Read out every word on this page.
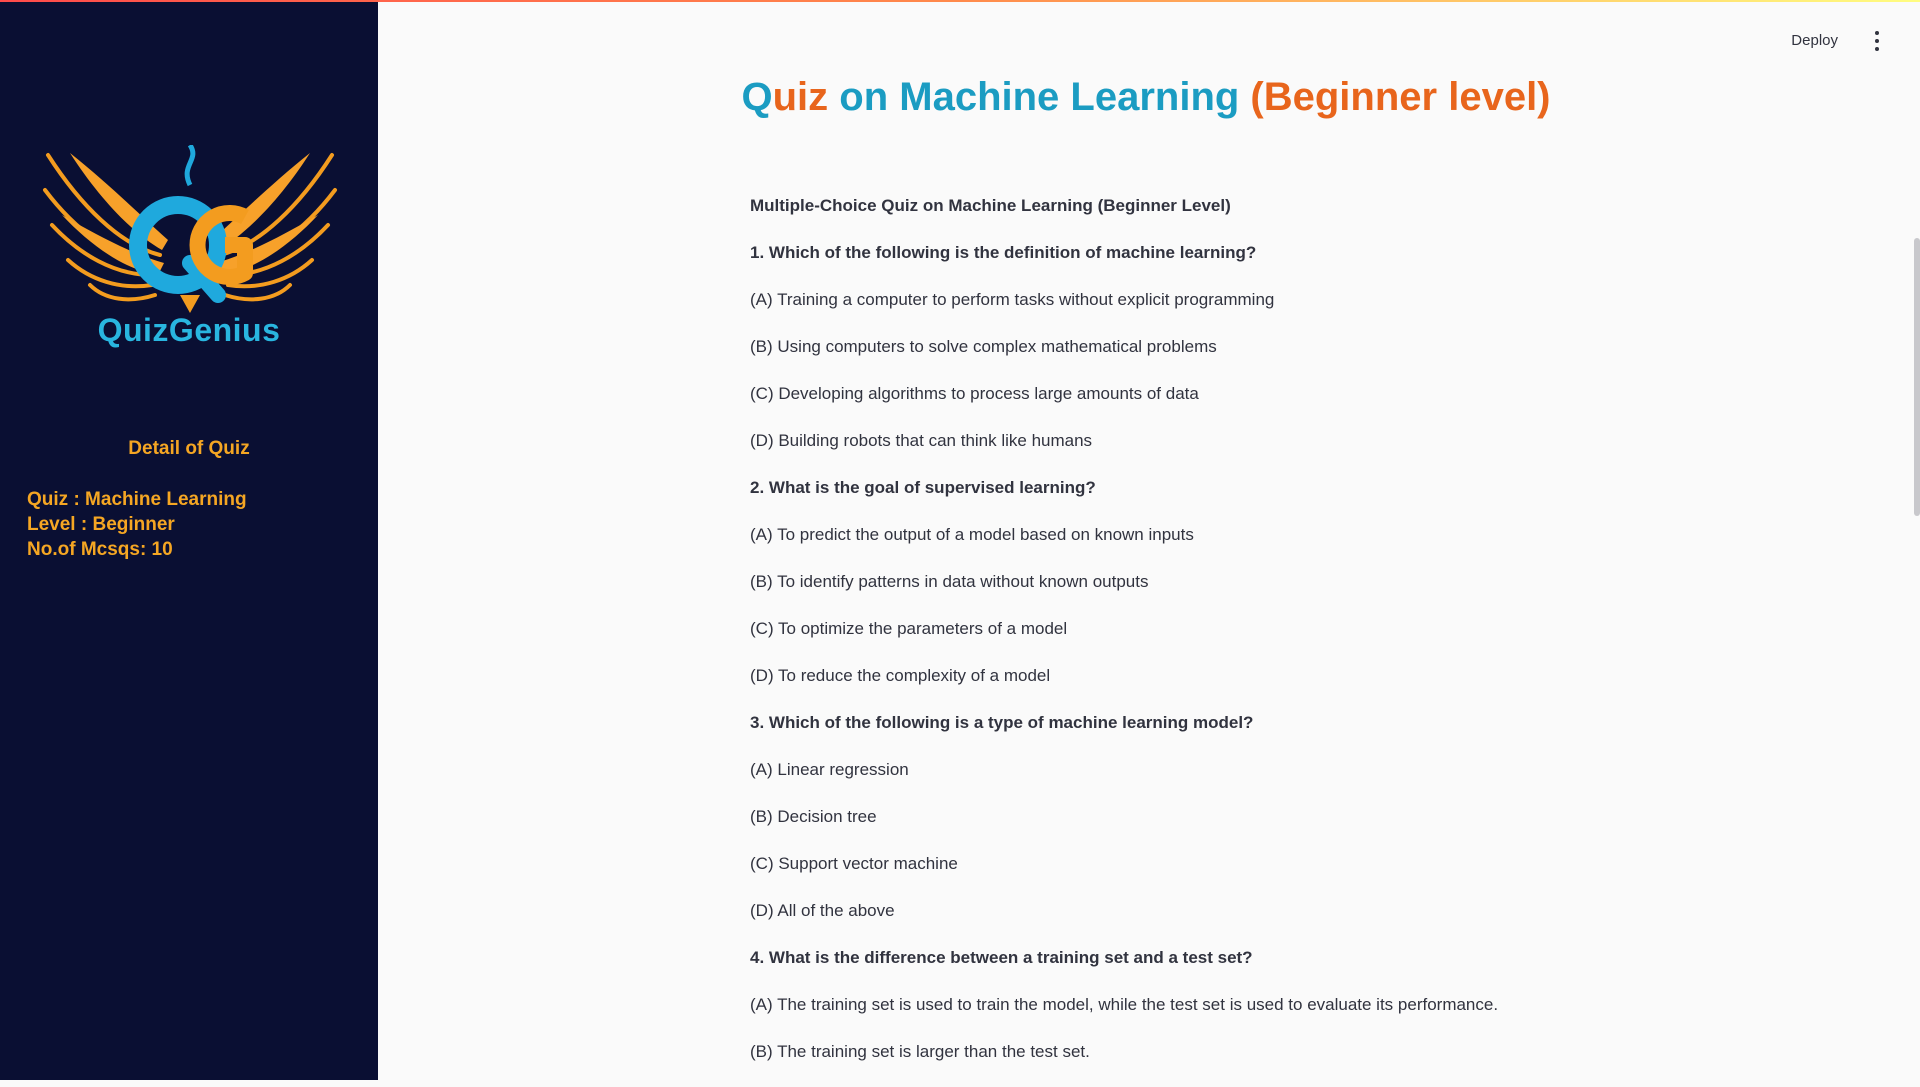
QuizGenius
Detail of Quiz
Quiz : Machine Learning
Level : Beginner
No.of Mcsqs: 10
Deploy
Quiz on Machine Learning (Beginner level)
Multiple-Choice Quiz on Machine Learning (Beginner Level)
1. Which of the following is the definition of machine learning?
(A) Training a computer to perform tasks without explicit programming
(B) Using computers to solve complex mathematical problems
(C) Developing algorithms to process large amounts of data
(D) Building robots that can think like humans
2. What is the goal of supervised learning?
(A) To predict the output of a model based on known inputs
(B) To identify patterns in data without known outputs
(C) To optimize the parameters of a model
(D) To reduce the complexity of a model
3. Which of the following is a type of machine learning model?
(A) Linear regression
(B) Decision tree
(C) Support vector machine
(D) All of the above
4. What is the difference between a training set and a test set?
(A) The training set is used to train the model, while the test set is used to evaluate its performance.
(B) The training set is larger than the test set.
